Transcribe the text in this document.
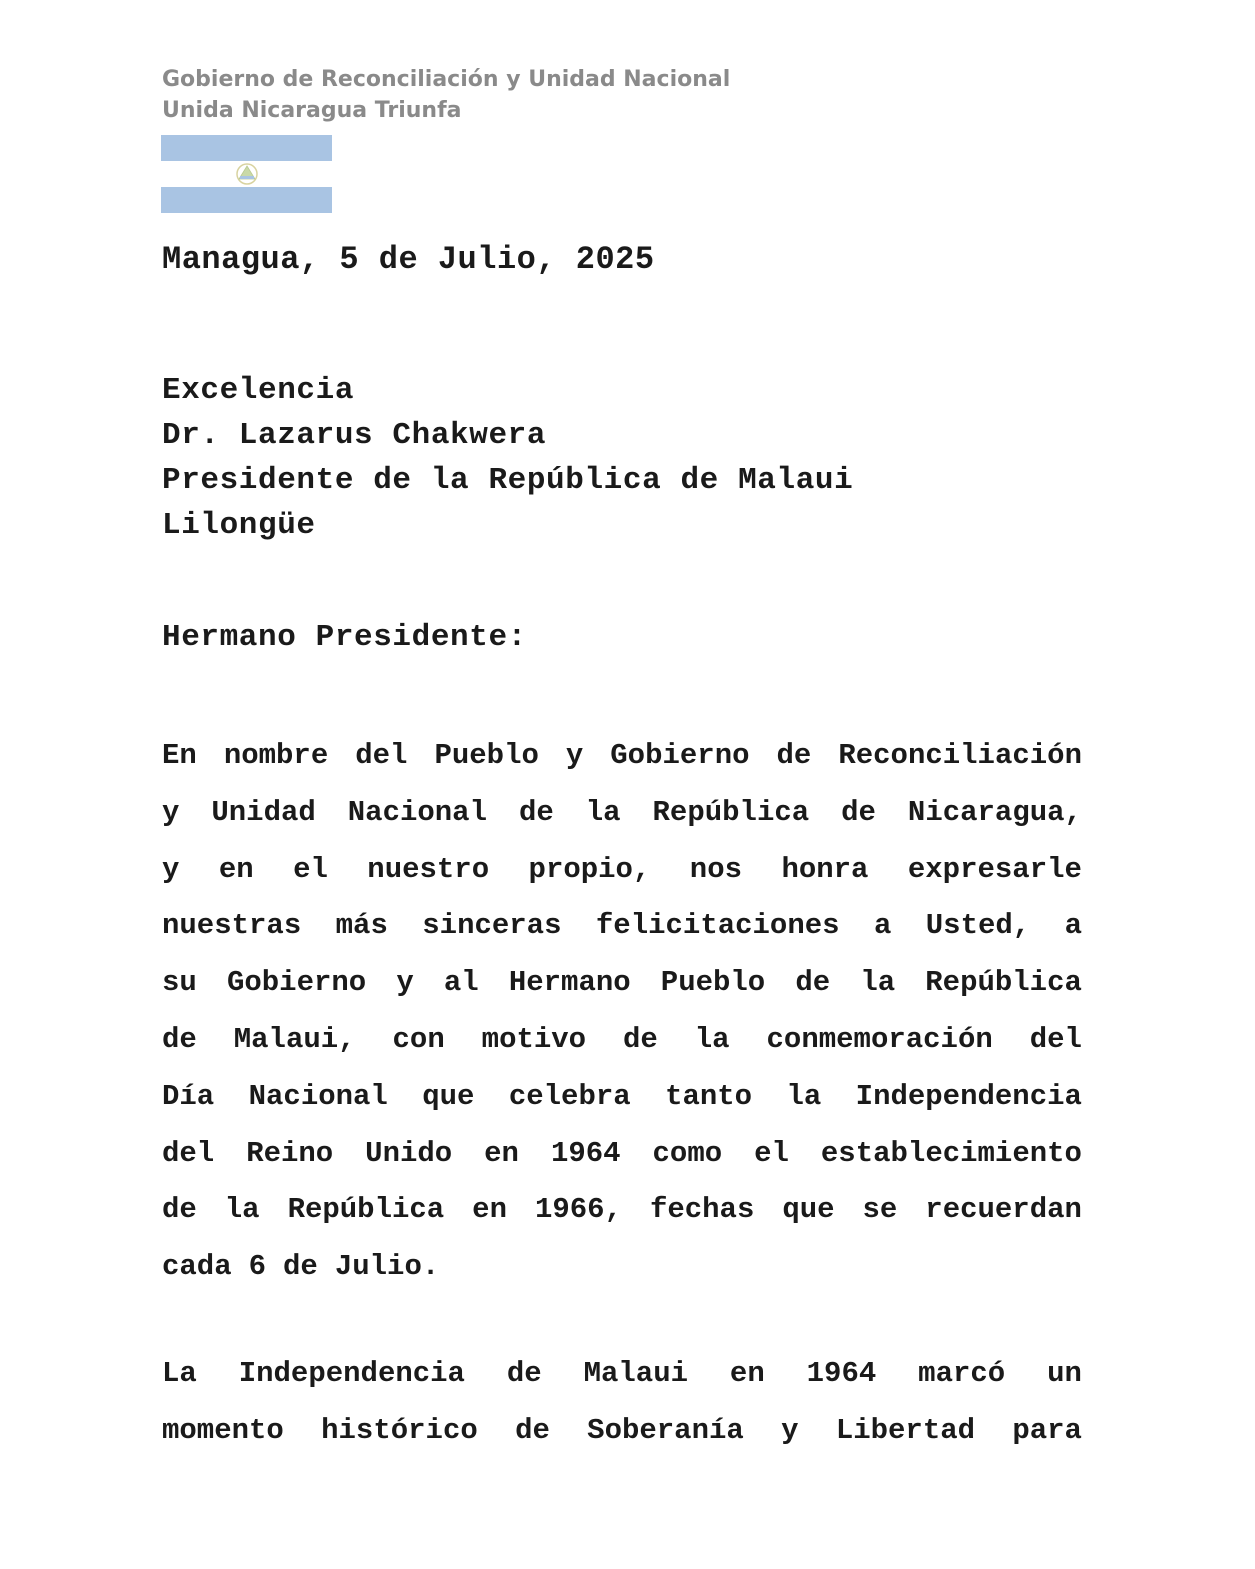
Gobierno de Reconciliación y Unidad Nacional
Unida Nicaragua Triunfa
Managua, 5 de Julio, 2025
Excelencia
Dr. Lazarus Chakwera
Presidente de la República de Malaui
Lilongüe
Hermano Presidente:
En nombre del Pueblo y Gobierno de Reconciliación
y Unidad Nacional de la República de Nicaragua,
y en el nuestro propio, nos honra expresarle
nuestras más sinceras felicitaciones a Usted, a
su Gobierno y al Hermano Pueblo de la República
de Malaui, con motivo de la conmemoración del
Día Nacional que celebra tanto la Independencia
del Reino Unido en 1964 como el establecimiento
de la República en 1966, fechas que se recuerdan
cada 6 de Julio.
La Independencia de Malaui en 1964 marcó un
momento histórico de Soberanía y Libertad para
